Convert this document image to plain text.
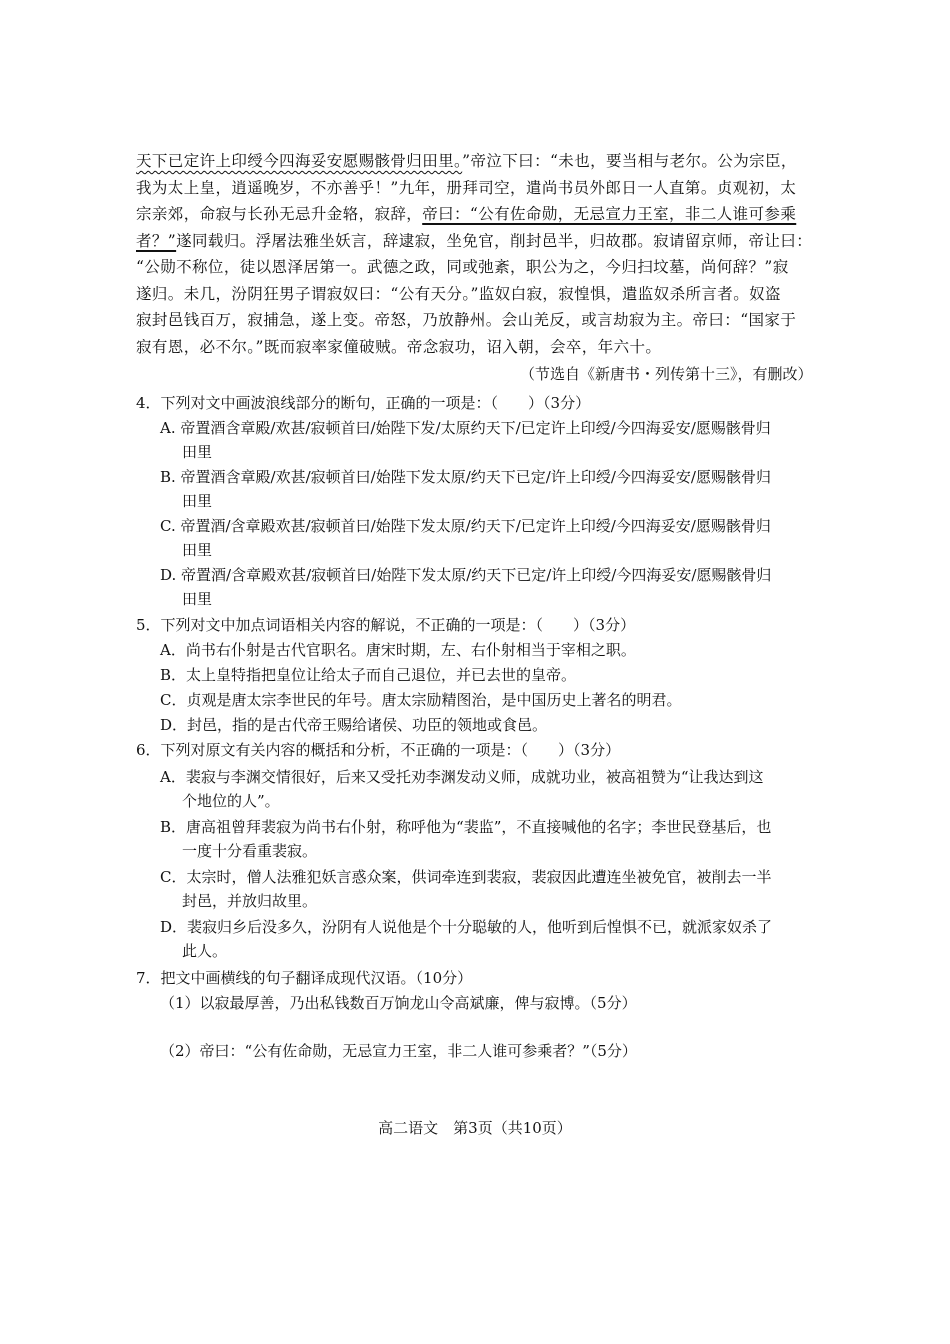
天下已定许上印绶今四海妥安愿赐骸骨归田里。”帝泣下曰：“未也，要当相与老尔。公为宗臣，
我为太上皇，逍遥晚岁，不亦善乎！”九年，册拜司空，遣尚书员外郎日一人直第。贞观初，太
宗亲郊，命寂与长孙无忌升金辂，寂辞，帝曰：“公有佐命勋，无忌宣力王室，非二人谁可参乘
者？”遂同载归。浮屠法雅坐妖言，辞逮寂，坐免官，削封邑半，归故郡。寂请留京师，帝让曰：
“公勋不称位，徒以恩泽居第一。武德之政，同或弛紊，职公为之，今归扫坟墓，尚何辞？”寂
遂归。未几，汾阴狂男子谓寂奴曰：“公有天分。”监奴白寂，寂惶惧，遣监奴杀所言者。奴盗
寂封邑钱百万，寂捕急，遂上变。帝怒，乃放静州。会山羌反，或言劫寂为主。帝曰：“国家于
寂有恩，必不尔。”既而寂率家僮破贼。帝念寂功，诏入朝，会卒，年六十。
（节选自《新唐书・列传第十三》，有删改）
4．下列对文中画波浪线部分的断句，正确的一项是：（　　）（3分）
A. 帝置酒含章殿/欢甚/寂顿首曰/始陛下发/太原约天下/已定许上印绶/今四海妥安/愿赐骸骨归
田里
B. 帝置酒含章殿/欢甚/寂顿首曰/始陛下发太原/约天下已定/许上印绶/今四海妥安/愿赐骸骨归
田里
C. 帝置酒/含章殿欢甚/寂顿首曰/始陛下发太原/约天下/已定许上印绶/今四海妥安/愿赐骸骨归
田里
D. 帝置酒/含章殿欢甚/寂顿首曰/始陛下发太原/约天下已定/许上印绶/今四海妥安/愿赐骸骨归
田里
5．下列对文中加点词语相关内容的解说，不正确的一项是：（　　）（3分）
A．尚书右仆射是古代官职名。唐宋时期，左、右仆射相当于宰相之职。
B．太上皇特指把皇位让给太子而自己退位，并已去世的皇帝。
C．贞观是唐太宗李世民的年号。唐太宗励精图治，是中国历史上著名的明君。
D．封邑，指的是古代帝王赐给诸侯、功臣的领地或食邑。
6．下列对原文有关内容的概括和分析，不正确的一项是：（　　）（3分）
A．裴寂与李渊交情很好，后来又受托劝李渊发动义师，成就功业，被高祖赞为“让我达到这
个地位的人”。
B．唐高祖曾拜裴寂为尚书右仆射，称呼他为“裴监”，不直接喊他的名字；李世民登基后，也
一度十分看重裴寂。
C．太宗时，僧人法雅犯妖言惑众案，供词牵连到裴寂，裴寂因此遭连坐被免官，被削去一半
封邑，并放归故里。
D．裴寂归乡后没多久，汾阴有人说他是个十分聪敏的人，他听到后惶惧不已，就派家奴杀了
此人。
7．把文中画横线的句子翻译成现代汉语。（10分）
（1）以寂最厚善，乃出私钱数百万饷龙山令高斌廉，俾与寂博。（5分）
（2）帝曰：“公有佐命勋，无忌宣力王室，非二人谁可参乘者？”（5分）
高二语文　第3页（共10页）
